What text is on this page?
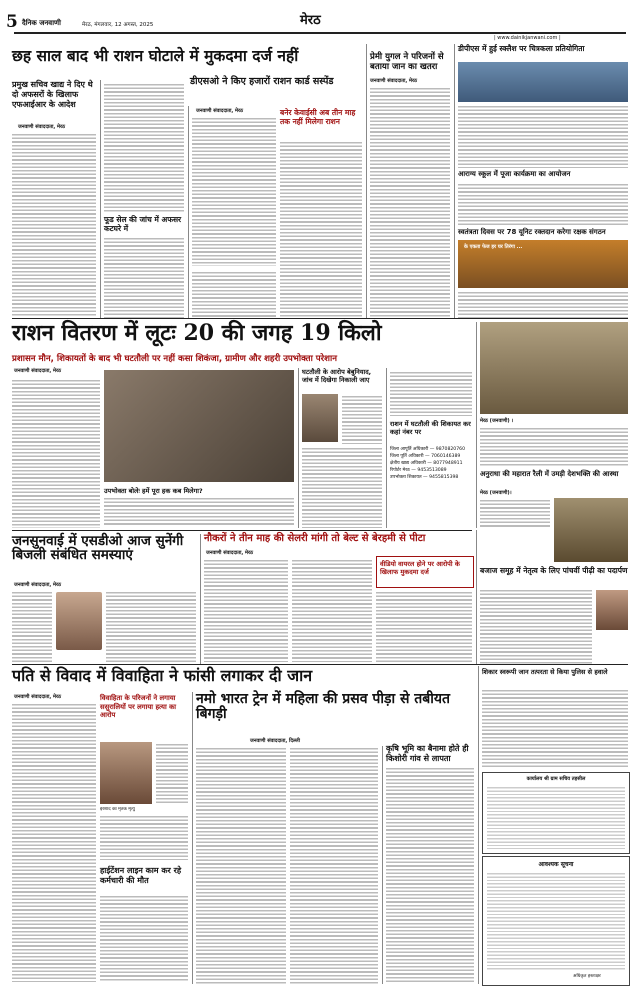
5 दैनिक जनवाणी	मेरठ, मंगलवार, 12 अगस्त, 2025	मेरठ
| www.dainikjanwani.com |
छह साल बाद भी राशन घोटाले में मुकदमा दर्ज नहीं
प्रमुख सचिव खाद्य ने दिए थे दो अफसरों के खिलाफ एफआईआर के आदेश
डीएसओ ने किए हजारों राशन कार्ड सस्पेंड
जनवाणी संवाददाता, मेरठ
फूड सेल की जांच में अफसर कटघरे में
जनवाणी संवाददाता, मेरठ	बनेर केवाईसी अब तीन माह तक नहीं मिलेगा राशन
प्रेमी युगल ने परिजनों से बताया जान का खतरा
जनवाणी संवाददाता, मेरठ
डीपीएस में हुई स्क्लैश पर चित्रकला प्रतियोगिता
आराग्य स्कूल में पूजा कार्यक्रमा का आयोजन
स्वतंत्रता दिवस पर 78 यूनिट रक्तदान करेगा रक्षक संगठन
के एकता फेज हर घर तिरंगा ...
राशन वितरण में लूटः 20 की जगह 19 किलो
प्रशासन मौन, शिकायतों के बाद भी घटतौली पर नहीं कसा शिकंजा, ग्रामीण और शहरी उपभोक्ता परेशान
जनवाणी संवाददाता, मेरठ
उपभोक्ता बोलेः हमें पूरा हक कब मिलेगा?
घटतौली के आरोप बेबुनियाद, जांच में दिखेगा निकाली जाए
राशन में घटतौली की शिकायत कर कहां नंबर पर
जिला आपूर्ति अधिकारी — 9870820760
जिला पूर्ति अधिकारी — 7060146389
क्षेत्रीय खाद्य अधिकारी — 8077948911
रिपोर्टर मेरठ — 9453513089
उपभोक्ता शिकायत — 9455815398
मेरठ (जनवाणी) ।
अनुराधा की महारात रैली में उमड़ी देशभक्ति की आस्था
मेरठ (जनवाणी)।
जनसुनवाई में एसडीओ आज सुनेंगी बिजली संबंधित समस्याएं
जनवाणी संवाददाता, मेरठ
नौकरों ने तीन माह की सेलरी मांगी तो बेल्ट से बेरहमी से पीटा
जनवाणी संवाददाता, मेरठ
वीडियो वायरल होने पर आरोपी के खिलाफ मुकदमा दर्ज	बजाज समूह में नेतृत्व के लिए पांचवीं पीढ़ी का पदार्पण
पति से विवाद में विवाहिता ने फांसी लगाकर दी जान
जनवाणी संवाददाता, मेरठ	विवाहिता के परिजनों ने लगाया ससुरालियों पर लगाया हत्या का आरोप
इरशाद का मृतक मृत्यु
हाईटेंशन लाइन काम कर रहे कर्मचारी की मौत
नमो भारत ट्रेन में महिला की प्रसव पीड़ा से तबीयत बिगड़ी
जनवाणी संवाददाता, दिल्ली
कृषि भूमि का बैनामा होते ही किशोरी गांव से लापता
शिकार स्वरूपी जान तत्परता से किया पुलिस से हवाले
कार्यालय श्री ग्राम सचिव तहसील
आवश्यक सूचना
अधिकृत हस्ताक्षर
